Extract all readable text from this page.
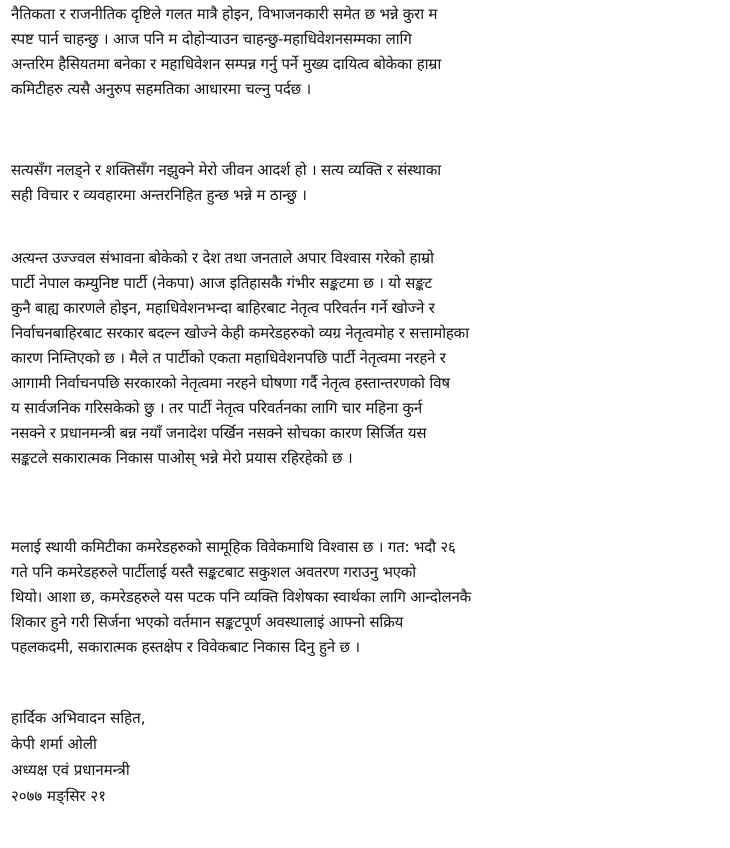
नैतिकता र राजनीतिक दृष्टिले गलत मात्रै होइन, विभाजनकारी समेत छ भन्ने कुरा म
स्पष्ट पार्न चाहन्छु । आज पनि म दोहोर्‍याउन चाहन्छु-महाधिवेशनसम्मका लागि
अन्तरिम हैसियतमा बनेका र महाधिवेशन सम्पन्न गर्नु पर्ने मुख्य दायित्व बोकेका हाम्रा
कमिटीहरु त्यसै अनुरुप सहमतिका आधारमा चल्नु पर्दछ ।
सत्यसँग नलड्ने र शक्तिसँग नझुक्ने मेरो जीवन आदर्श हो । सत्य व्यक्ति र संस्थाका
सही विचार र व्यवहारमा अन्तरनिहित हुन्छ भन्ने म ठान्छु ।
अत्यन्त उज्ज्वल संभावना बोकेको र देश तथा जनताले अपार विश्वास गरेको हाम्रो
पार्टी नेपाल कम्युनिष्ट पार्टी (नेकपा) आज इतिहासकै गंभीर सङ्कटमा छ । यो सङ्कट
कुनै बाह्य कारणले होइन, महाधिवेशनभन्दा बाहिरबाट नेतृत्व परिवर्तन गर्ने खोज्ने र
निर्वाचनबाहिरबाट सरकार बदल्न खोज्ने केही कमरेडहरुको व्यग्र नेतृत्वमोह र सत्तामोहका
कारण निम्तिएको छ । मैले त पार्टीको एकता महाधिवेशनपछि पार्टी नेतृत्वमा नरहने र
आगामी निर्वाचनपछि सरकारको नेतृत्वमा नरहने घोषणा गर्दै नेतृत्व हस्तान्तरणको विष
य सार्वजनिक गरिसकेको छु । तर पार्टी नेतृत्व परिवर्तनका लागि चार महिना कुर्न
नसक्ने र प्रधानमन्त्री बन्न नयाँ जनादेश पर्खिन नसक्ने सोचका कारण सिर्जित यस
सङ्कटले सकारात्मक निकास पाओस् भन्ने मेरो प्रयास रहिरहेको छ ।
मलाई स्थायी कमिटीका कमरेडहरुको सामूहिक विवेकमाथि विश्वास छ । गत: भदौ २६
गते पनि कमरेडहरुले पार्टीलाई यस्तै सङ्कटबाट सकुशल अवतरण गराउनु भएको
थियो। आशा छ, कमरेडहरुले यस पटक पनि व्यक्ति विशेषका स्वार्थका लागि आन्दोलनकै
शिकार हुने गरी सिर्जना भएको वर्तमान सङ्कटपूर्ण अवस्थालाइं आफ्नो सक्रिय
पहलकदमी, सकारात्मक हस्तक्षेप र विवेकबाट निकास दिनु हुने छ ।
हार्दिक अभिवादन सहित,
केपी शर्मा ओली
अध्यक्ष एवं प्रधानमन्त्री
२०७७ मङ्सिर २१
